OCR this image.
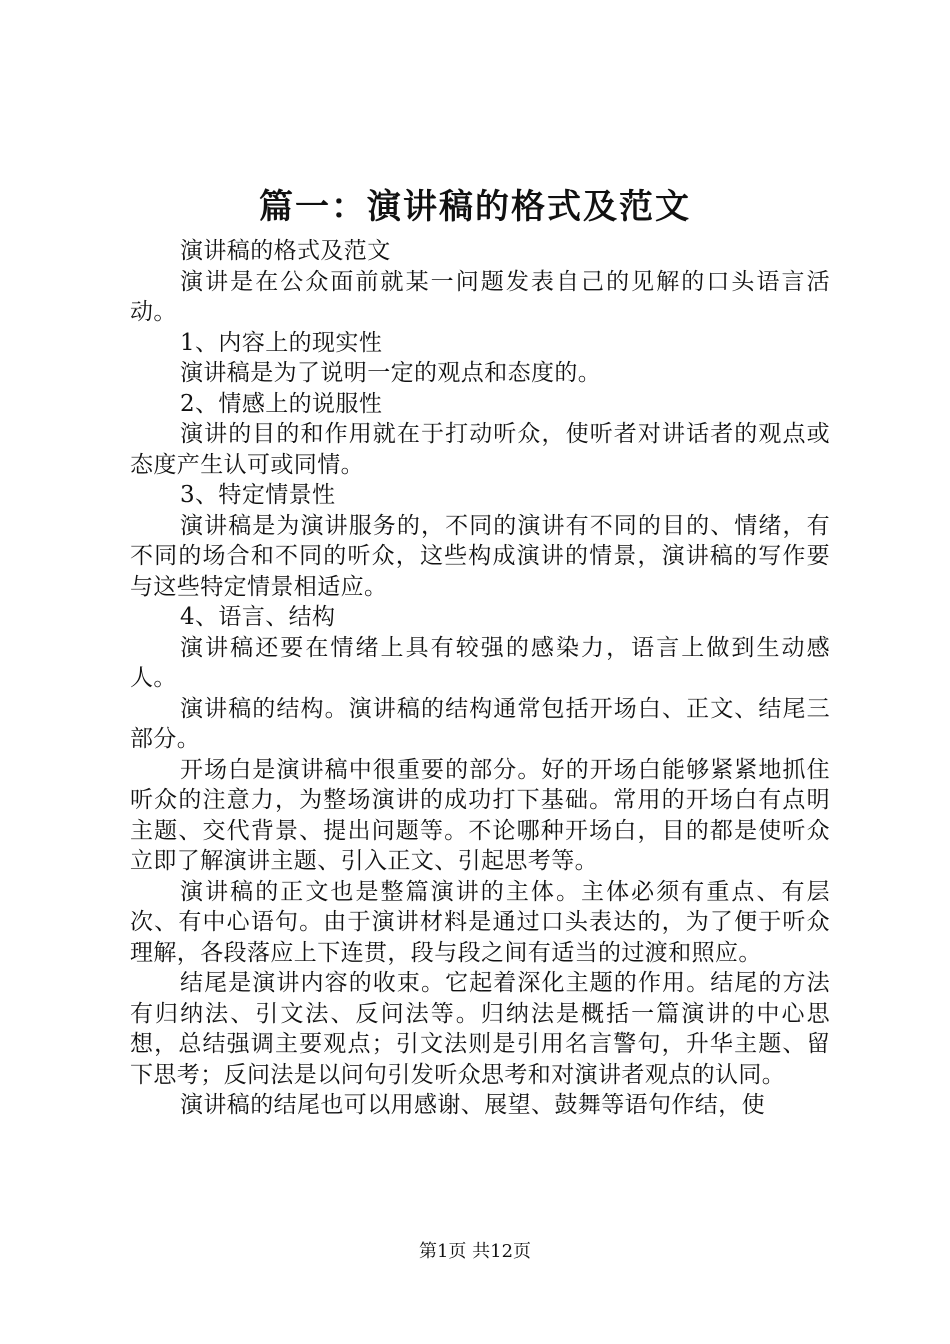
篇一：演讲稿的格式及范文

演讲稿的格式及范文

演讲是在公众面前就某一问题发表自己的见解的口头语言活动。

1、内容上的现实性

演讲稿是为了说明一定的观点和态度的。

2、情感上的说服性

演讲的目的和作用就在于打动听众，使听者对讲话者的观点或态度产生认可或同情。

3、特定情景性

演讲稿是为演讲服务的，不同的演讲有不同的目的、情绪，有不同的场合和不同的听众，这些构成演讲的情景，演讲稿的写作要与这些特定情景相适应。

4、语言、结构

演讲稿还要在情绪上具有较强的感染力，语言上做到生动感人。

演讲稿的结构。演讲稿的结构通常包括开场白、正文、结尾三部分。

开场白是演讲稿中很重要的部分。好的开场白能够紧紧地抓住听众的注意力，为整场演讲的成功打下基础。常用的开场白有点明主题、交代背景、提出问题等。不论哪种开场白，目的都是使听众立即了解演讲主题、引入正文、引起思考等。

演讲稿的正文也是整篇演讲的主体。主体必须有重点、有层次、有中心语句。由于演讲材料是通过口头表达的，为了便于听众理解，各段落应上下连贯，段与段之间有适当的过渡和照应。

结尾是演讲内容的收束。它起着深化主题的作用。结尾的方法有归纳法、引文法、反问法等。归纳法是概括一篇演讲的中心思想，总结强调主要观点；引文法则是引用名言警句，升华主题、留下思考；反问法是以问句引发听众思考和对演讲者观点的认同。

演讲稿的结尾也可以用感谢、展望、鼓舞等语句作结，使

第1页 共12页
